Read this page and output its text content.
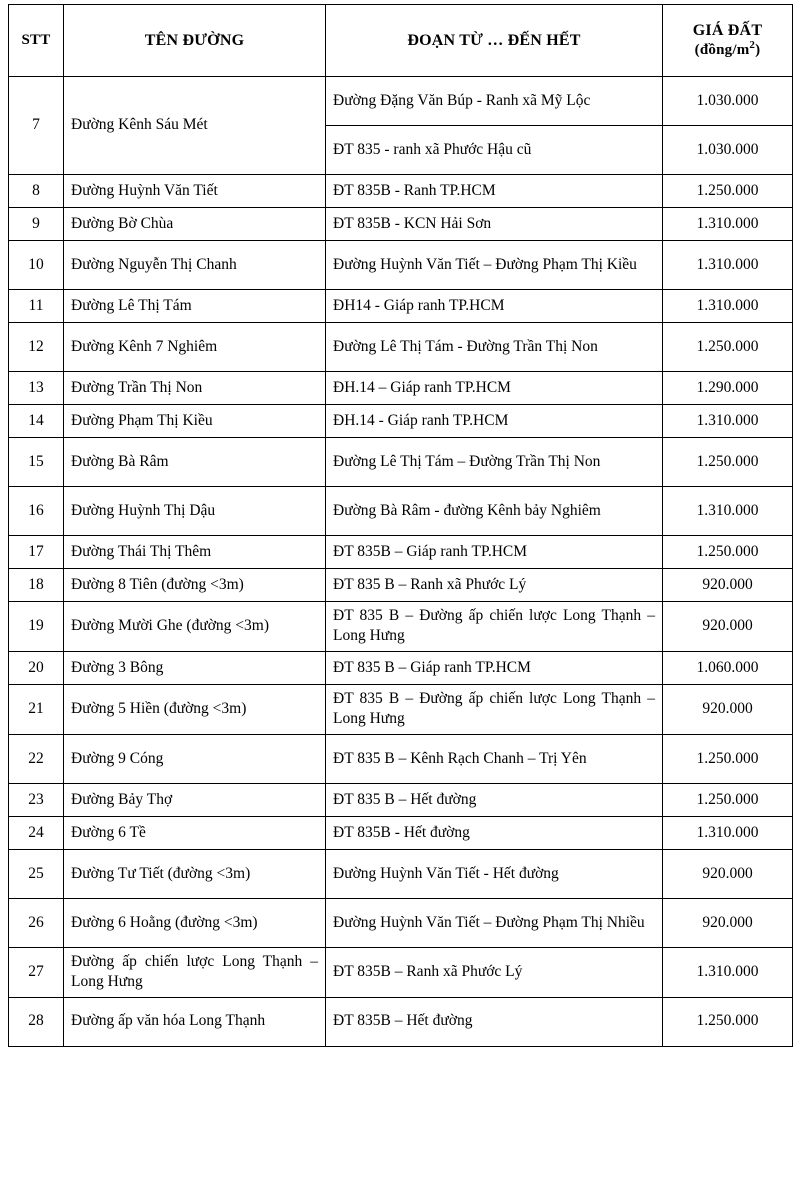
STT	TÊN ĐƯỜNG	ĐOẠN TỪ … ĐẾN HẾT	GIÁ ĐẤT
$(đồng/m^2)$

7	Đường Kênh Sáu Mét	Đường Đặng Văn Búp - Ranh xã Mỹ Lộc	1.030.000
		ĐT 835 - ranh xã Phước Hậu cũ	1.030.000
8	Đường Huỳnh Văn Tiết	ĐT 835B - Ranh TP.HCM	1.250.000
9	Đường Bờ Chùa	ĐT 835B - KCN Hải Sơn	1.310.000
10	Đường Nguyễn Thị Chanh	Đường Huỳnh Văn Tiết – Đường Phạm Thị Kiều	1.310.000
11	Đường Lê Thị Tám	ĐH14 - Giáp ranh TP.HCM	1.310.000
12	Đường Kênh 7 Nghiêm	Đường Lê Thị Tám - Đường Trần Thị Non	1.250.000
13	Đường Trần Thị Non	ĐH.14 – Giáp ranh TP.HCM	1.290.000
14	Đường Phạm Thị Kiều	ĐH.14 - Giáp ranh TP.HCM	1.310.000
15	Đường Bà Râm	Đường Lê Thị Tám – Đường Trần Thị Non	1.250.000
16	Đường Huỳnh Thị Dậu	Đường Bà Râm - đường Kênh bảy Nghiêm	1.310.000
17	Đường Thái Thị Thêm	ĐT 835B – Giáp ranh TP.HCM	1.250.000
18	Đường 8 Tiên (đường <3m)	ĐT 835 B – Ranh xã Phước Lý	920.000
19	Đường Mười Ghe (đường <3m)	ĐT 835 B – Đường ấp chiến lược Long Thạnh – Long Hưng	920.000
20	Đường 3 Bông	ĐT 835 B – Giáp ranh TP.HCM	1.060.000
21	Đường 5 Hiền (đường <3m)	ĐT 835 B – Đường ấp chiến lược Long Thạnh – Long Hưng	920.000
22	Đường 9 Cóng	ĐT 835 B – Kênh Rạch Chanh – Trị Yên	1.250.000
23	Đường Bảy Thợ	ĐT 835 B – Hết đường	1.250.000
24	Đường 6 Tề	ĐT 835B - Hết đường	1.310.000
25	Đường Tư Tiết (đường <3m)	Đường Huỳnh Văn Tiết - Hết đường	920.000
26	Đường 6 Hoằng (đường <3m)	Đường Huỳnh Văn Tiết – Đường Phạm Thị Nhiều	920.000
27	Đường ấp chiến lược Long Thạnh – Long Hưng	ĐT 835B – Ranh xã Phước Lý	1.310.000
28	Đường ấp văn hóa Long Thạnh	ĐT 835B – Hết đường	1.250.000
